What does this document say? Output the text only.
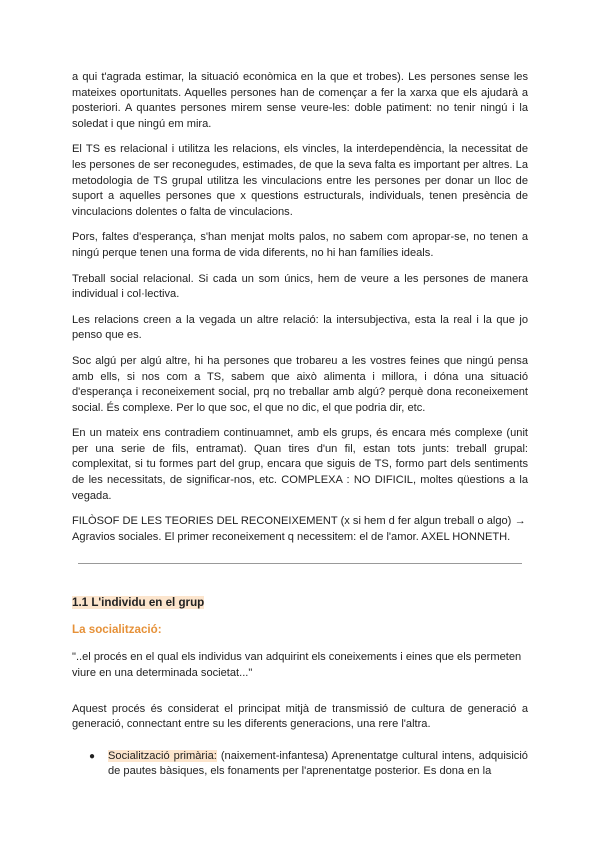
a qui t'agrada estimar, la situació econòmica en la que et trobes). Les persones sense les mateixes oportunitats. Aquelles persones han de començar a fer la xarxa que els ajudarà a posteriori. A quantes persones mirem sense veure-les: doble patiment: no tenir ningú i la soledat i que ningú em mira.

El TS es relacional i utilitza les relacions, els vincles, la interdependència, la necessitat de les persones de ser reconegudes, estimades, de que la seva falta es important per altres. La metodologia de TS grupal utilitza les vinculacions entre les persones per donar un lloc de suport a aquelles persones que x questions estructurals, individuals, tenen presència de vinculacions dolentes o falta de vinculacions.

Pors, faltes d'esperança, s'han menjat molts palos, no sabem com apropar-se, no tenen a ningú perque tenen una forma de vida diferents, no hi han famílies ideals.

Treball social relacional. Si cada un som únics, hem de veure a les persones de manera individual i col·lectiva.

Les relacions creen a la vegada un altre relació: la intersubjectiva, esta la real i la que jo penso que es.

Soc algú per algú altre, hi ha persones que trobareu a les vostres feines que ningú pensa amb ells, si nos com a TS, sabem que això alimenta i millora, i dóna una situació d'esperança i reconeixement social, prq no treballar amb algú? perquè dona reconeixement social. És complexe. Per lo que soc, el que no dic, el que podria dir, etc.

En un mateix ens contradiem continuamnet, amb els grups, és encara més complexe (unit per una serie de fils, entramat). Quan tires d'un fil, estan tots junts: treball grupal: complexitat, si tu formes part del grup, encara que siguis de TS, formo part dels sentiments de les necessitats, de significar-nos, etc. COMPLEXA : NO DIFICIL, moltes qüestions a la vegada.

FILÒSOF DE LES TEORIES DEL RECONEIXEMENT (x si hem d fer algun treball o algo) → Agravios sociales. El primer reconeixement q necessitem: el de l'amor. AXEL HONNETH.

1.1 L'individu en el grup
La socialització:

"..el procés en el qual els individus van adquirint els coneixements i eines que els permeten viure en una determinada societat..."

Aquest procés és considerat el principat mitjà de transmissió de cultura de generació a generació, connectant entre su les diferents generacions, una rere l'altra.

● Socialització primària: (naixement-infantesa) Aprenentatge cultural intens, adquisició de pautes bàsiques, els fonaments per l'aprenentatge posterior. Es dona en la
